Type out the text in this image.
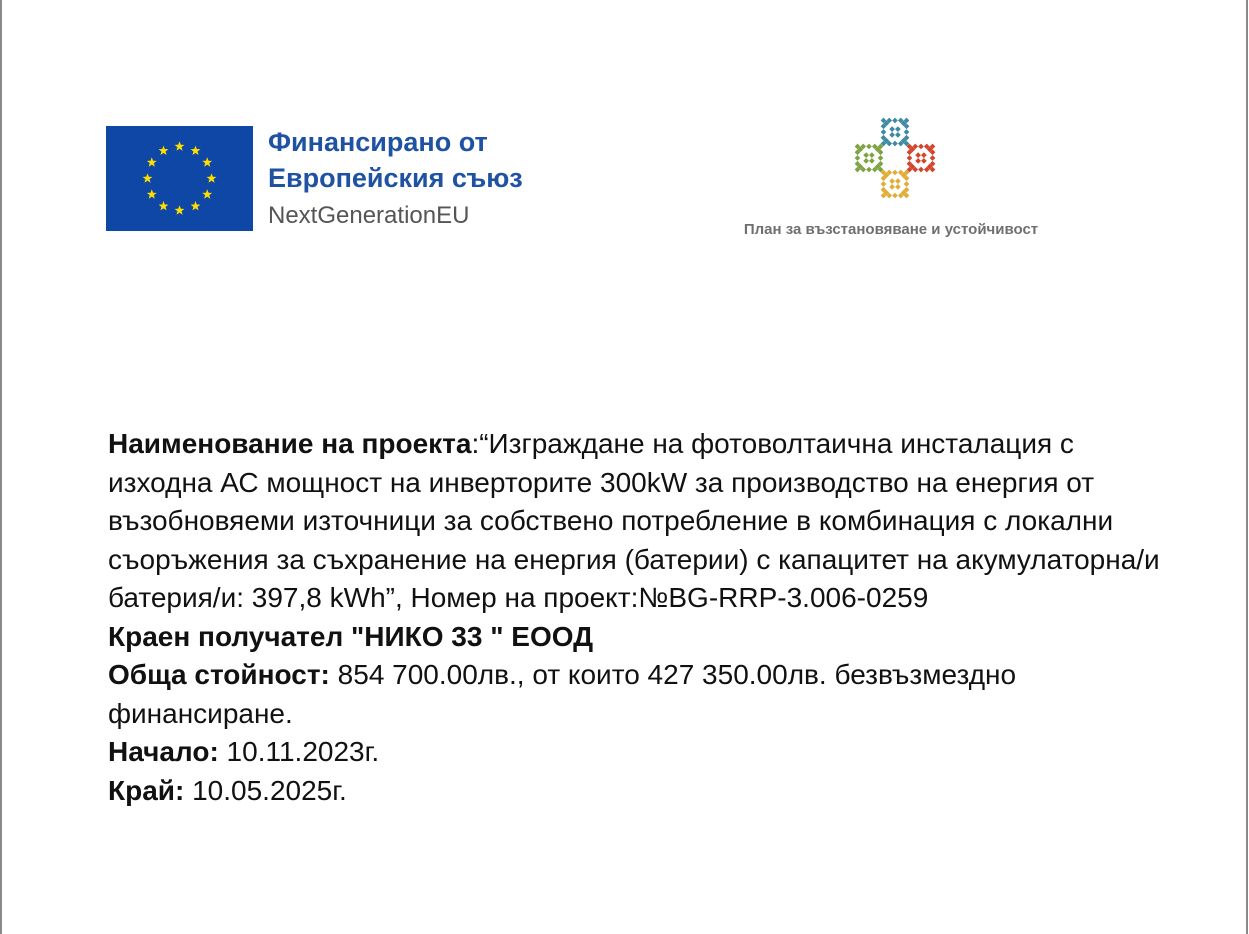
Финансирано от
Европейския съюз
NextGenerationEU
План за възстановяване и устойчивост

Наименование на проекта:“Изграждане на фотоволтаична инсталация с изходна АС мощност на инверторите 300kW за производство на енергия от възобновяеми източници за собствено потребление в комбинация с локални съоръжения за съхранение на енергия (батерии) с капацитет на акумулаторна/и батерия/и: 397,8 kWh”, Номер на проект:№BG-RRP-3.006-0259

Краен получател "НИКО 33 " ЕООД

Обща стойност: 854 700.00лв., от които 427 350.00лв. безвъзмездно финансиране.

Начало: 10.11.2023г.

Край: 10.05.2025г.
